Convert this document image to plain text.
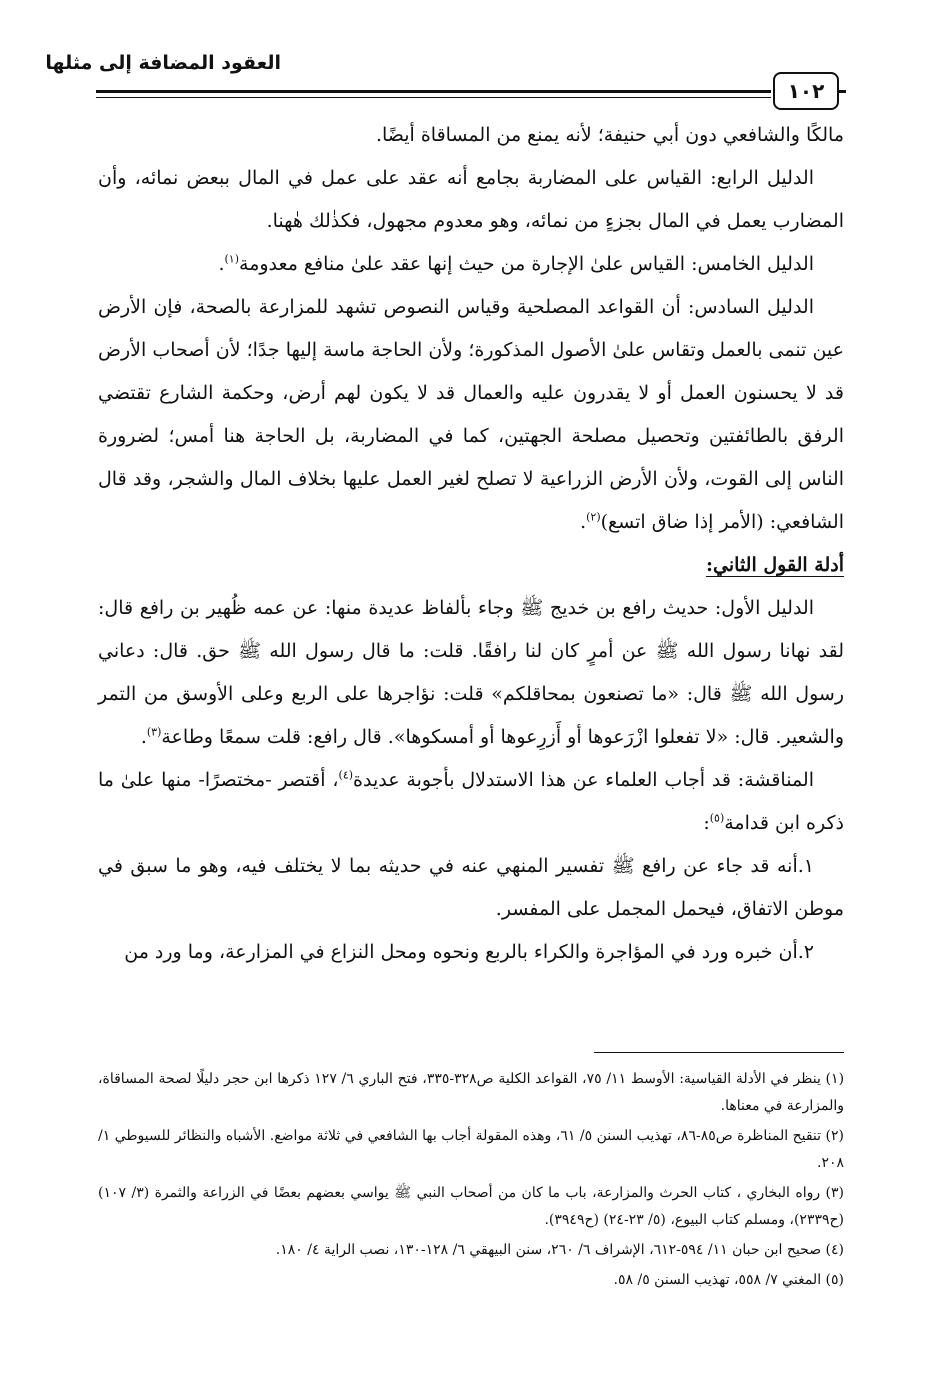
العقود المضافة إلى مثلها
١٠٢

مالكًا والشافعي دون أبي حنيفة؛ لأنه يمنع من المساقاة أيضًا.

الدليل الرابع: القياس على المضاربة بجامع أنه عقد على عمل في المال ببعض نمائه، وأن المضارب يعمل في المال بجزءٍ من نمائه، وهو معدوم مجهول، فكذٰلك هٰهنا.

الدليل الخامس: القياس علىٰ الإجارة من حيث إنها عقد علىٰ منافع معدومة$^{(١)}$.

الدليل السادس: أن القواعد المصلحية وقياس النصوص تشهد للمزارعة بالصحة، فإن الأرض عين تنمى بالعمل وتقاس علىٰ الأصول المذكورة؛ ولأن الحاجة ماسة إليها جدًا؛ لأن أصحاب الأرض قد لا يحسنون العمل أو لا يقدرون عليه والعمال قد لا يكون لهم أرض، وحكمة الشارع تقتضي الرفق بالطائفتين وتحصيل مصلحة الجهتين، كما في المضاربة، بل الحاجة هنا أمس؛ لضرورة الناس إلى القوت، ولأن الأرض الزراعية لا تصلح لغير العمل عليها بخلاف المال والشجر، وقد قال الشافعي: (الأمر إذا ضاق اتسع)$^{(٢)}$.

أدلة القول الثاني:

الدليل الأول: حديث رافع بن خديج ﷺ وجاء بألفاظ عديدة منها: عن عمه ظُهير بن رافع قال: لقد نهانا رسول الله ﷺ عن أمرٍ كان لنا رافقًا. قلت: ما قال رسول الله ﷺ حق. قال: دعاني رسول الله ﷺ قال: «ما تصنعون بمحاقلكم» قلت: نؤاجرها على الربع وعلى الأوسق من التمر والشعير. قال: «لا تفعلوا ازْرَعوها أو أَزرِعوها أو أمسكوها». قال رافع: قلت سمعًا وطاعة$^{(٣)}$.

المناقشة: قد أجاب العلماء عن هذا الاستدلال بأجوبة عديدة$^{(٤)}$، أقتصر -مختصرًا- منها علىٰ ما ذكره ابن قدامة$^{(٥)}$:

١.أنه قد جاء عن رافع ﷺ تفسير المنهي عنه في حديثه بما لا يختلف فيه، وهو ما سبق في موطن الاتفاق، فيحمل المجمل على المفسر.

٢.أن خبره ورد في المؤاجرة والكراء بالربع ونحوه ومحل النزاع في المزارعة، وما ورد من

(١) ينظر في الأدلة القياسية: الأوسط ١١/ ٧٥، القواعد الكلية ص٣٢٨-٣٣٥، فتح الباري ٦/ ١٢٧ ذكرها ابن حجر دليلًا لصحة المساقاة، والمزارعة في معناها.

(٢) تنقيح المناظرة ص٨٥-٨٦، تهذيب السنن ٥/ ٦١، وهذه المقولة أجاب بها الشافعي في ثلاثة مواضع. الأشباه والنظائر للسيوطي ١/ ٢٠٨.

(٣) رواه البخاري ، كتاب الحرث والمزارعة، باب ما كان من أصحاب النبي ﷺ يواسي بعضهم بعضًا في الزراعة والثمرة (٣/ ١٠٧) (ح٢٣٣٩)، ومسلم كتاب البيوع، (٥/ ٢٣-٢٤) (ح٣٩٤٩).

(٤) صحيح ابن حبان ١١/ ٥٩٤-٦١٢، الإشراف ٦/ ٢٦٠، سنن البيهقي ٦/ ١٢٨-١٣٠، نصب الراية ٤/ ١٨٠.

(٥) المغني ٧/ ٥٥٨، تهذيب السنن ٥/ ٥٨.
